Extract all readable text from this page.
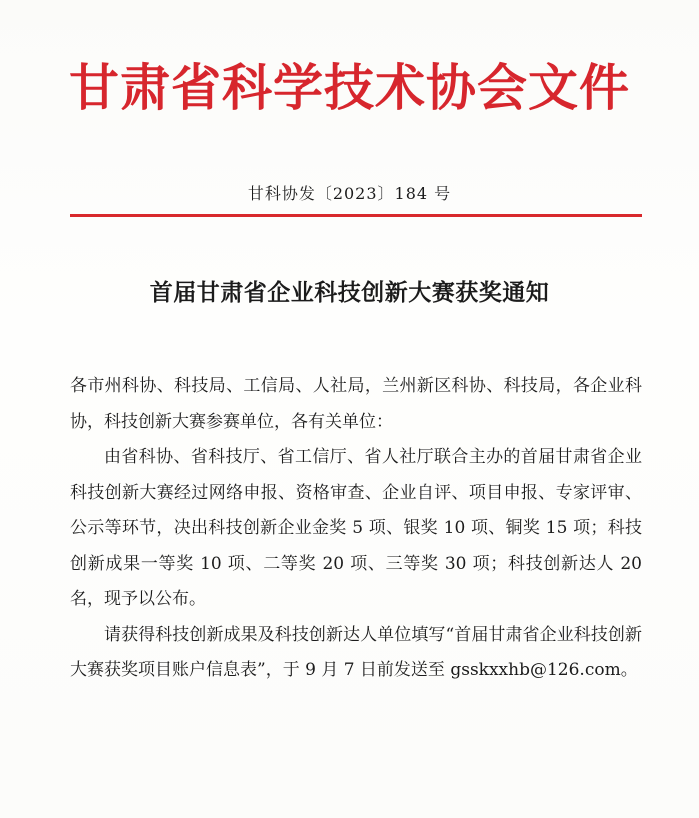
甘肃省科学技术协会文件
甘科协发〔2023〕184 号
首届甘肃省企业科技创新大赛获奖通知

各市州科协、科技局、工信局、人社局，兰州新区科协、科技局，各企业科协，科技创新大赛参赛单位，各有关单位：

由省科协、省科技厅、省工信厅、省人社厅联合主办的首届甘肃省企业科技创新大赛经过网络申报、资格审查、企业自评、项目申报、专家评审、公示等环节，决出科技创新企业金奖 5 项、银奖 10 项、铜奖 15 项；科技创新成果一等奖 10 项、二等奖 20 项、三等奖 30 项；科技创新达人 20 名，现予以公布。

请获得科技创新成果及科技创新达人单位填写“首届甘肃省企业科技创新大赛获奖项目账户信息表”，于 9 月 7 日前发送至 gsskxxhb@126.com。
